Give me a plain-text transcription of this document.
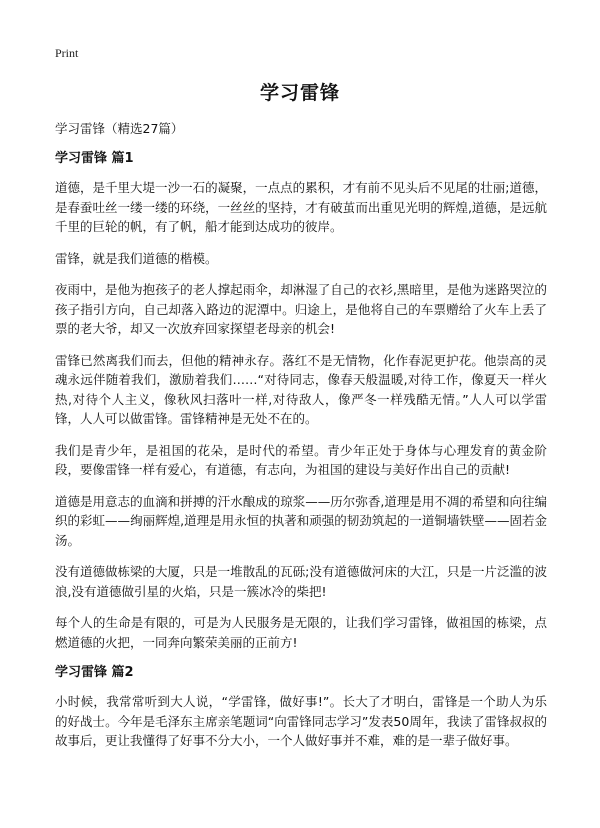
Print
学习雷锋

学习雷锋（精选27篇）

学习雷锋 篇1

道德，是千里大堤一沙一石的凝聚，一点点的累积，才有前不见头后不见尾的壮丽;道德，是春蚕吐丝一缕一缕的环绕，一丝丝的坚持，才有破茧而出重见光明的辉煌,道德，是远航千里的巨轮的帆，有了帆，船才能到达成功的彼岸。

雷锋，就是我们道德的楷模。

夜雨中，是他为抱孩子的老人撑起雨伞，却淋湿了自己的衣衫,黑暗里，是他为迷路哭泣的孩子指引方向，自己却落入路边的泥潭中。归途上，是他将自己的车票赠给了火车上丢了票的老大爷，却又一次放弃回家探望老母亲的机会!

雷锋已然离我们而去，但他的精神永存。落红不是无情物，化作春泥更护花。他崇高的灵魂永远伴随着我们，激励着我们……“对待同志，像春天般温暖,对待工作，像夏天一样火热,对待个人主义，像秋风扫落叶一样,对待敌人，像严冬一样残酷无情。”人人可以学雷锋，人人可以做雷锋。雷锋精神是无处不在的。

我们是青少年，是祖国的花朵，是时代的希望。青少年正处于身体与心理发育的黄金阶段，要像雷锋一样有爱心，有道德，有志向，为祖国的建设与美好作出自己的贡献!

道德是用意志的血滴和拼搏的汗水酿成的琼浆——历尔弥香,道理是用不凋的希望和向往编织的彩虹——绚丽辉煌,道理是用永恒的执著和顽强的韧劲筑起的一道铜墙铁壁——固若金汤。

没有道德做栋梁的大厦，只是一堆散乱的瓦砾;没有道德做河床的大江，只是一片泛滥的波浪,没有道德做引星的火焰，只是一簇冰冷的柴把!

每个人的生命是有限的，可是为人民服务是无限的，让我们学习雷锋，做祖国的栋梁，点燃道德的火把，一同奔向繁荣美丽的正前方!

学习雷锋 篇2

小时候，我常常听到大人说，“学雷锋，做好事!”。长大了才明白，雷锋是一个助人为乐的好战士。今年是毛泽东主席亲笔题词“向雷锋同志学习”发表50周年，我读了雷锋叔叔的故事后，更让我懂得了好事不分大小，一个人做好事并不难，难的是一辈子做好事。
